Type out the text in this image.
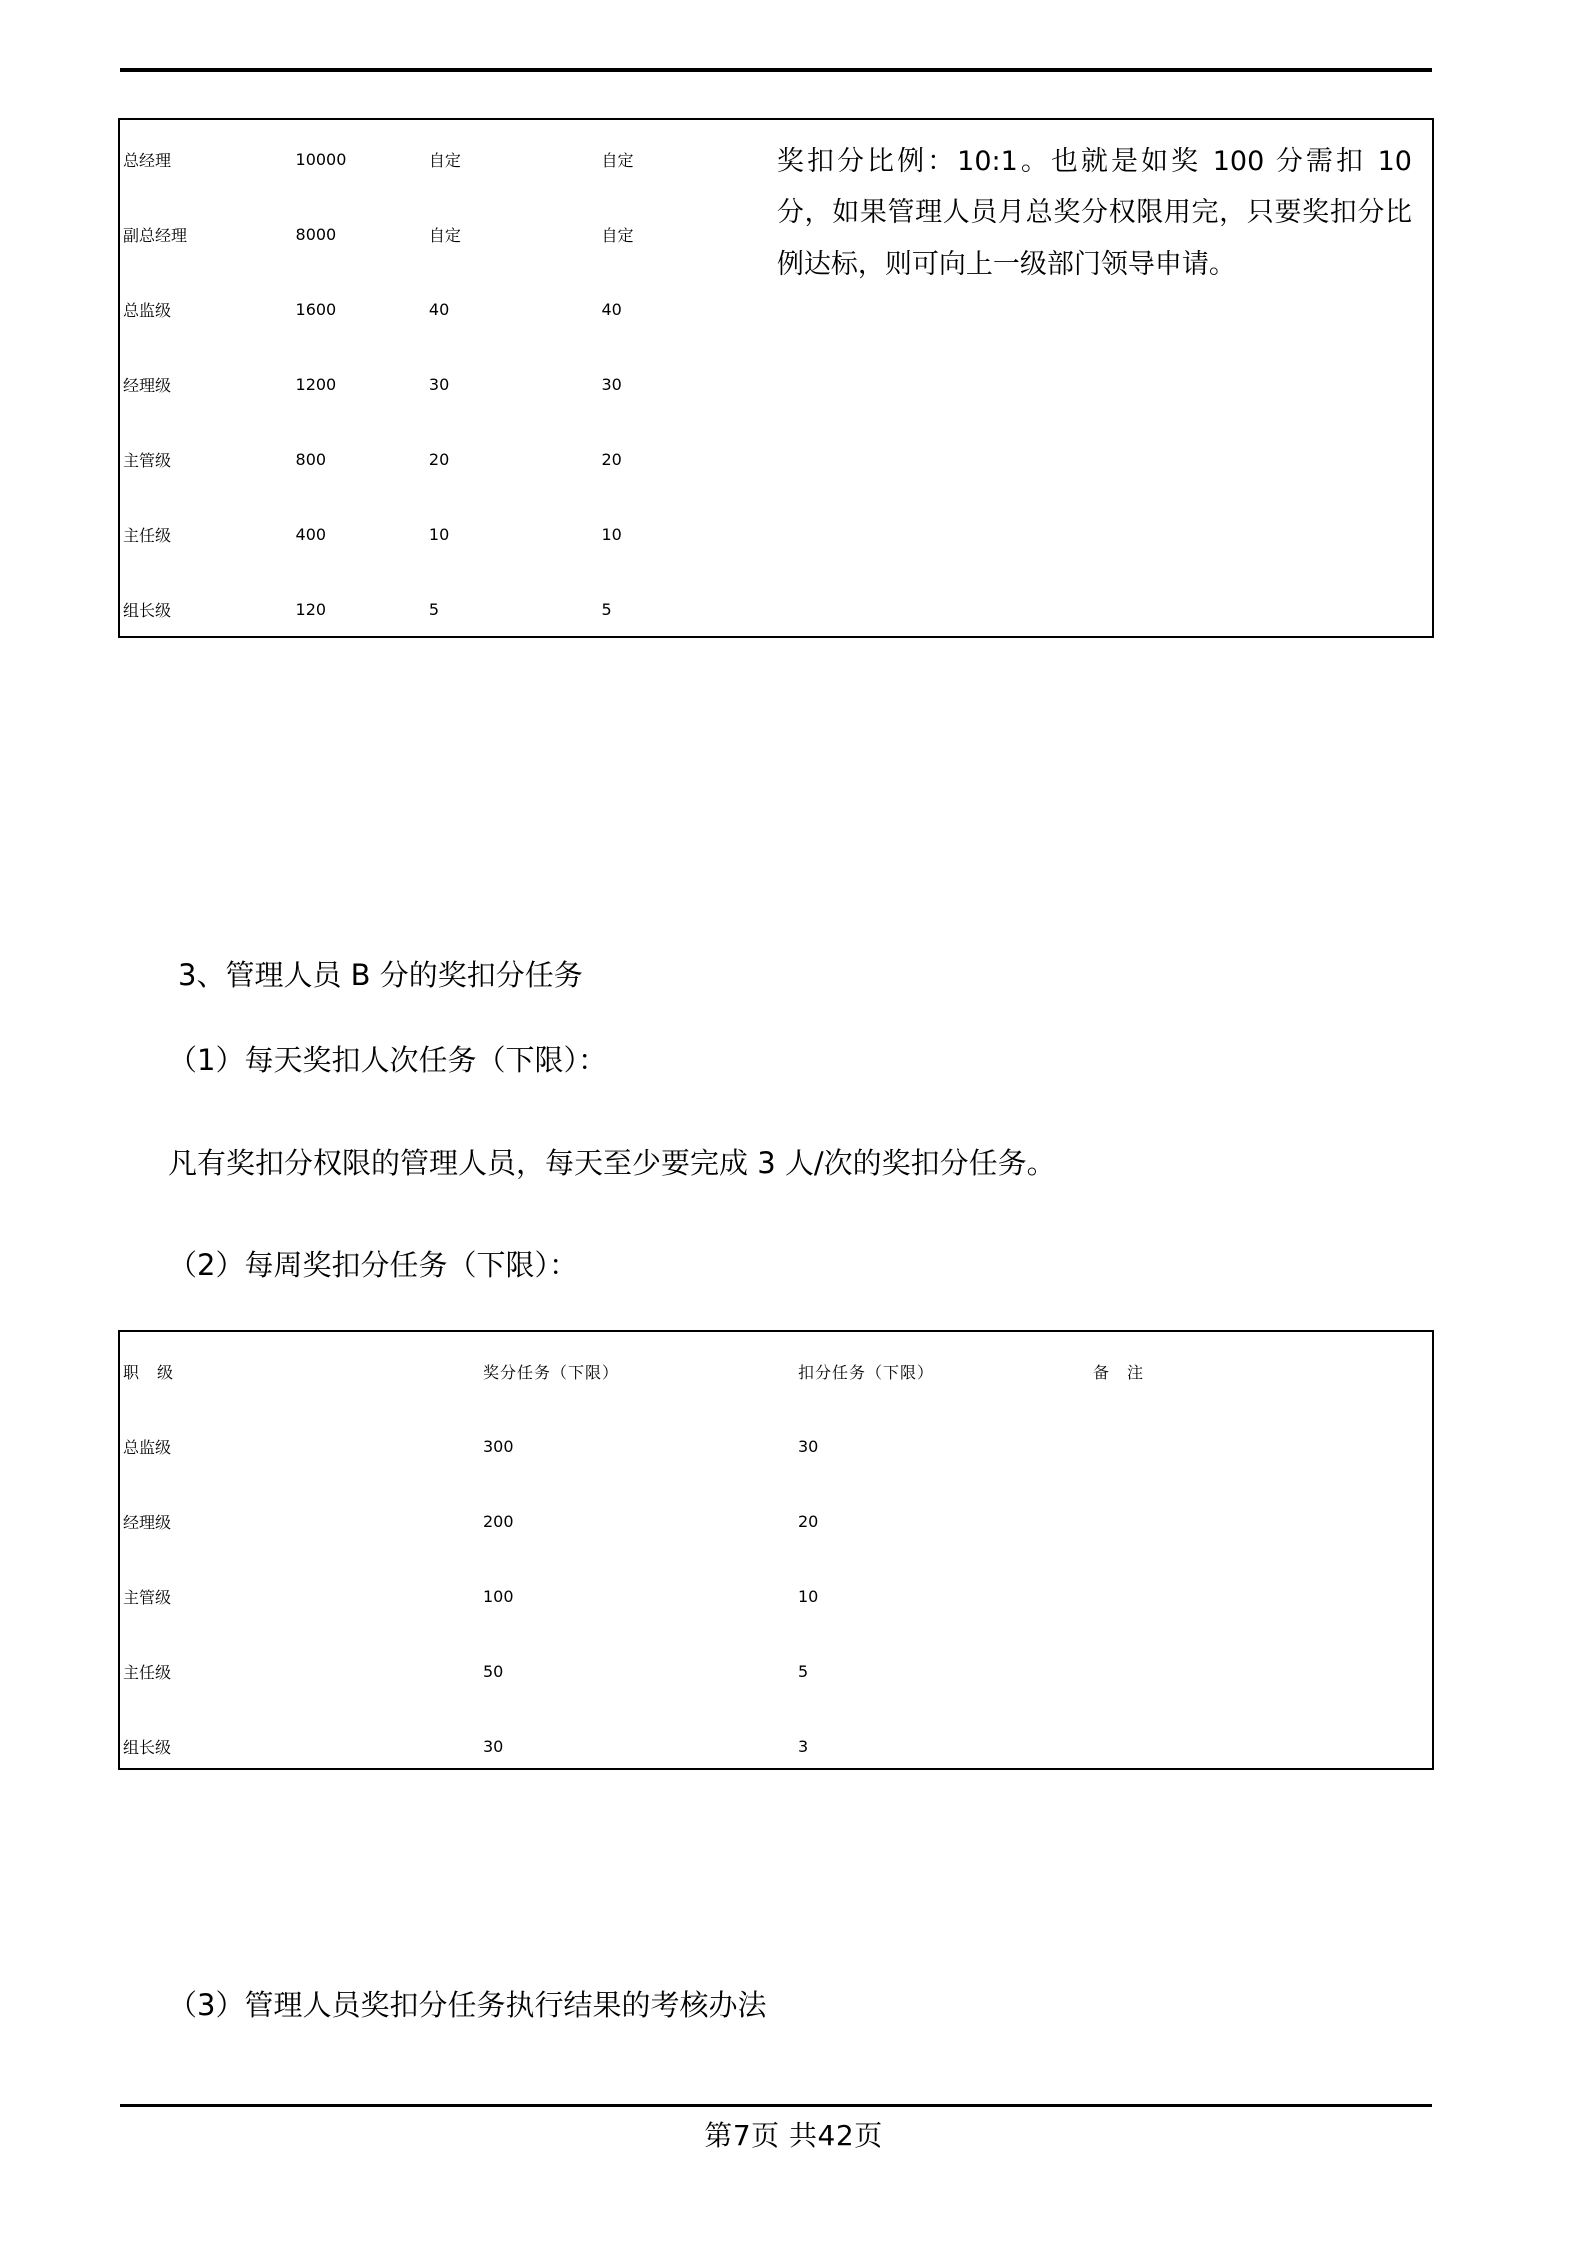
总经理	10000	自定	自定	奖扣分比例：10:1。也就是如奖 100 分需扣 10 分，如果管理人员月总奖分权限用完，只要奖扣分比例达标，则可向上一级部门领导申请。

副总经理	8000	自定	自定	
总监级	1600	40	40	
经理级	1200	30	30	
主管级	800	20	20	
主任级	400	10	10	
组长级	120	5	5	
3、管理人员 B 分的奖扣分任务
（1）每天奖扣人次任务（下限）：
凡有奖扣分权限的管理人员，每天至少要完成 3 人/次的奖扣分任务。
（2）每周奖扣分任务（下限）：
职　级	奖分任务（下限）	扣分任务（下限）	备　注
总监级	300	30	
经理级	200	20	
主管级	100	10	
主任级	50	5	
组长级	30	3	
（3）管理人员奖扣分任务执行结果的考核办法
第7页 共42页
